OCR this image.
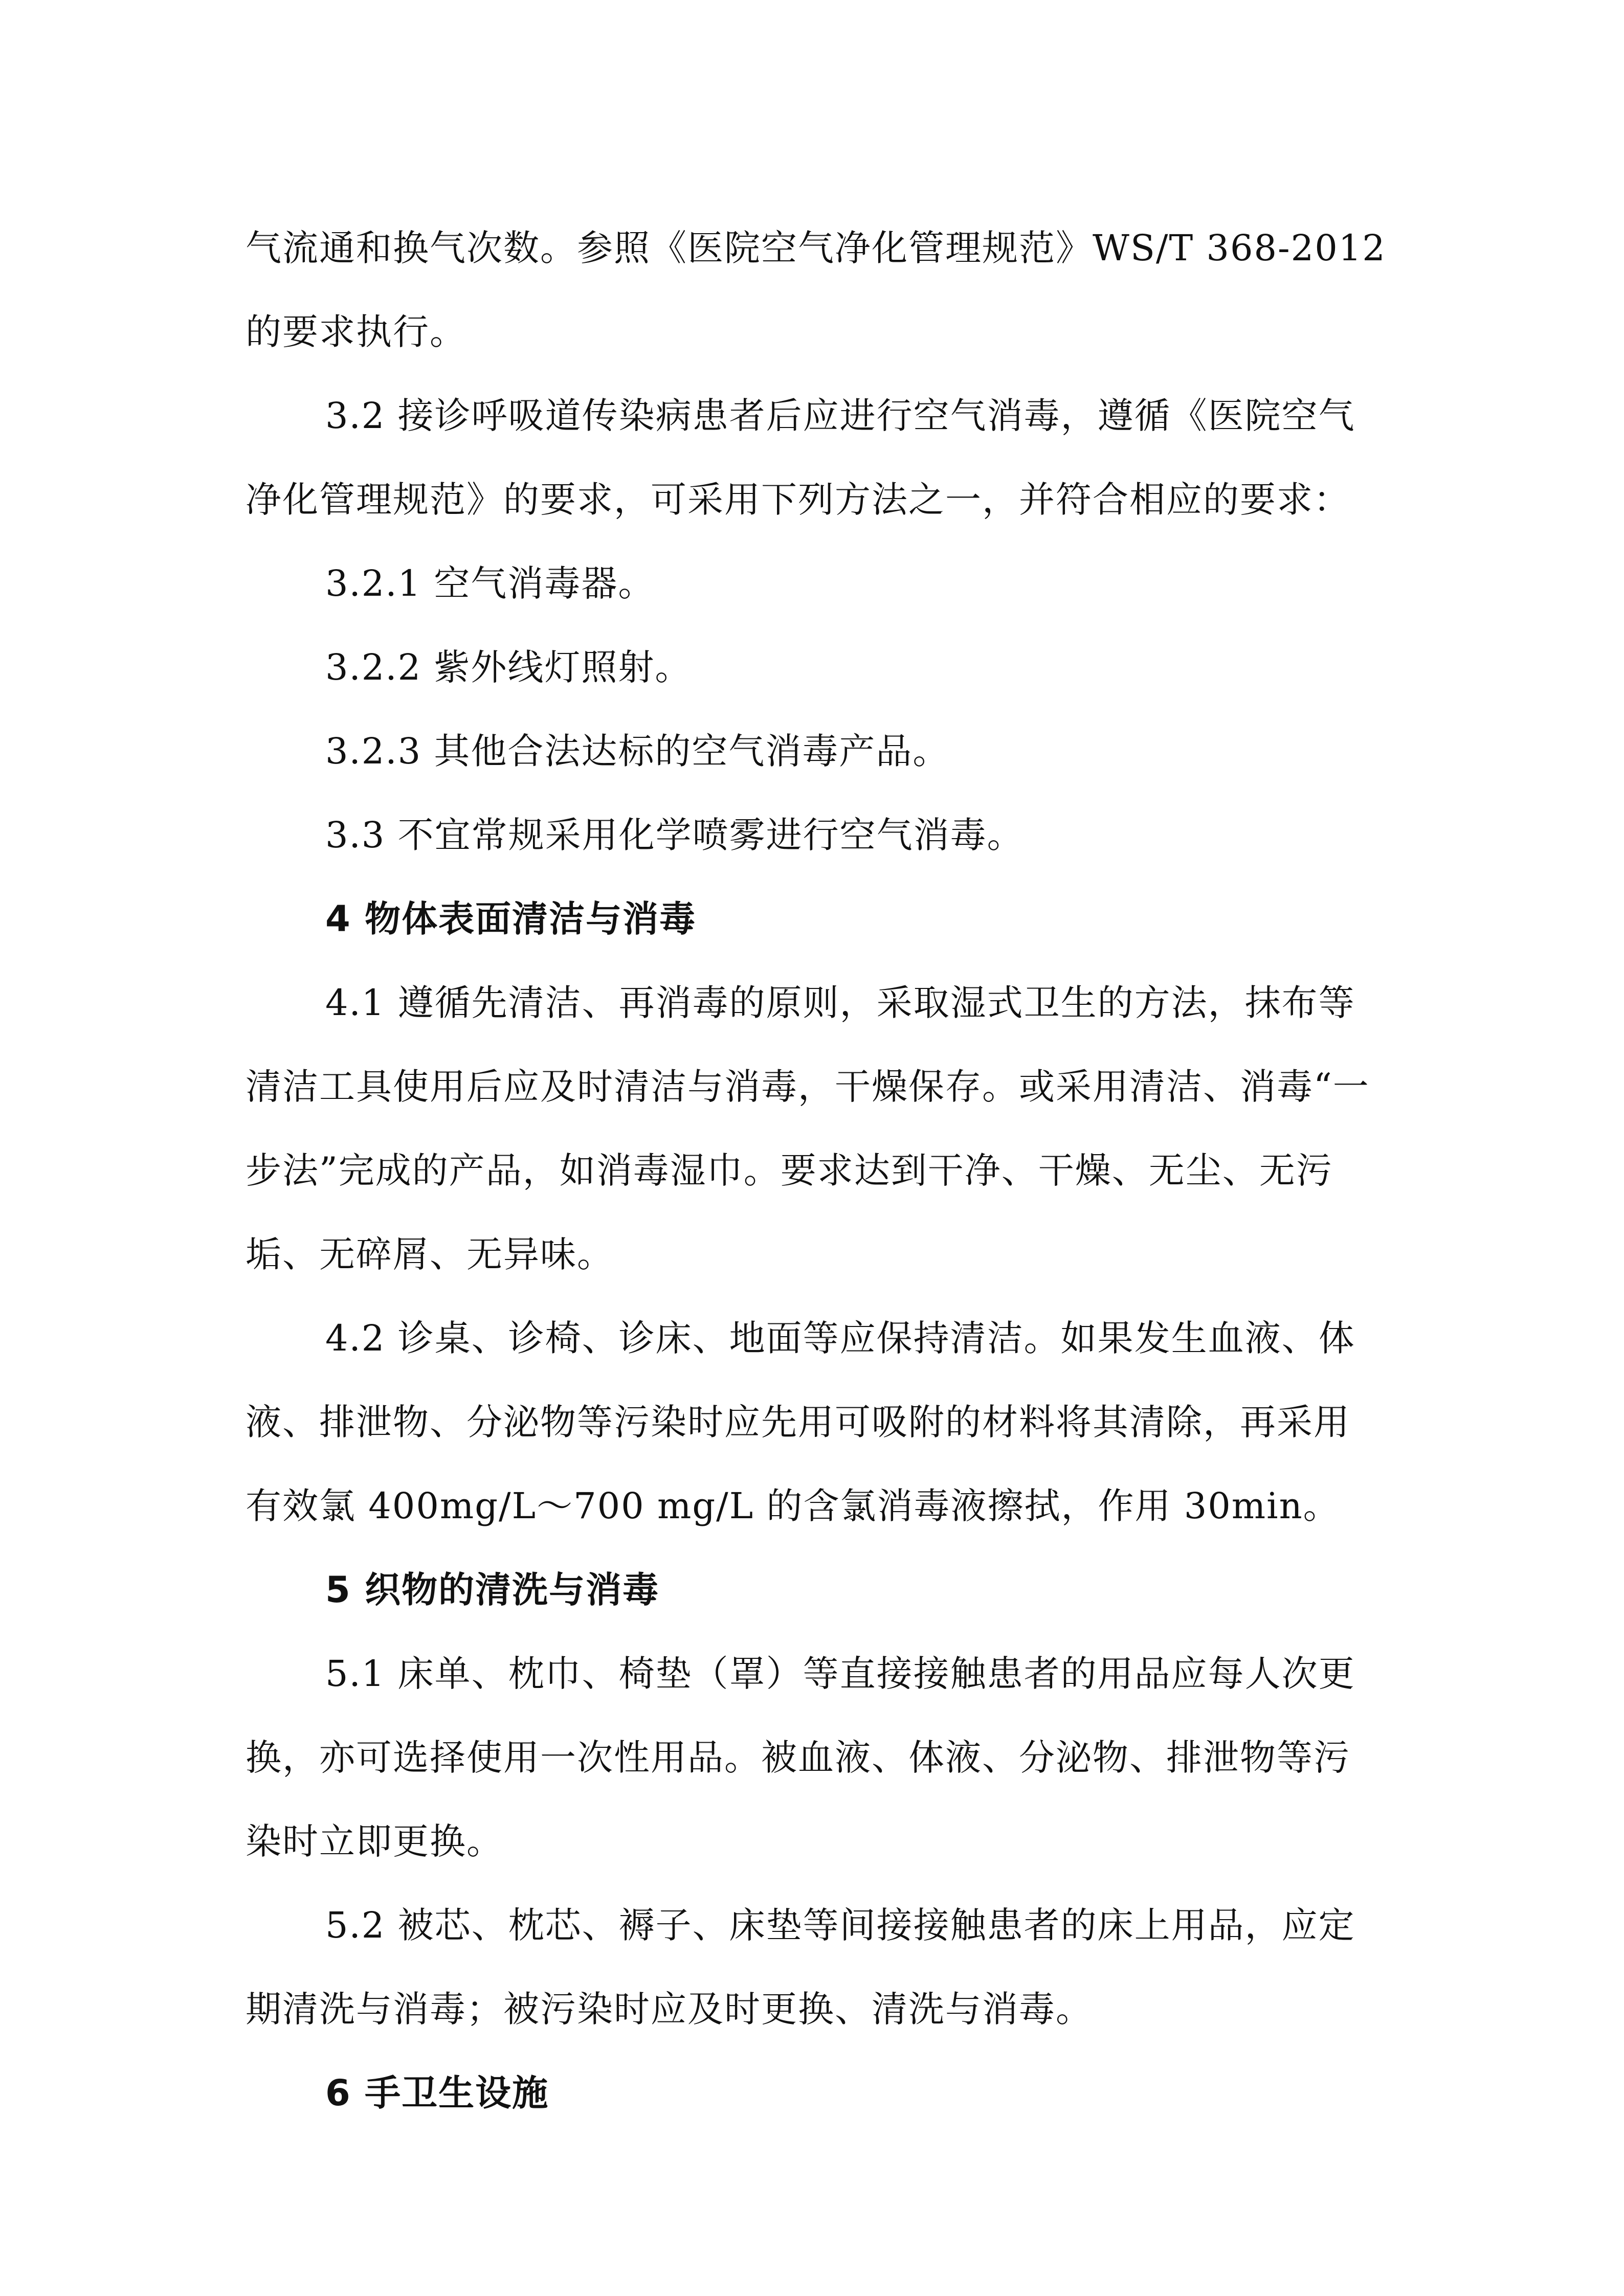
气流通和换气次数。参照《医院空气净化管理规范》WS/T 368-2012
的要求执行。
3.2 接诊呼吸道传染病患者后应进行空气消毒，遵循《医院空气
净化管理规范》的要求，可采用下列方法之一，并符合相应的要求：
3.2.1 空气消毒器。
3.2.2 紫外线灯照射。
3.2.3 其他合法达标的空气消毒产品。
3.3 不宜常规采用化学喷雾进行空气消毒。
4 物体表面清洁与消毒
4.1 遵循先清洁、再消毒的原则，采取湿式卫生的方法，抹布等
清洁工具使用后应及时清洁与消毒，干燥保存。或采用清洁、消毒“一
步法”完成的产品，如消毒湿巾。要求达到干净、干燥、无尘、无污
垢、无碎屑、无异味。
4.2 诊桌、诊椅、诊床、地面等应保持清洁。如果发生血液、体
液、排泄物、分泌物等污染时应先用可吸附的材料将其清除，再采用
有效氯 400mg/L～700 mg/L 的含氯消毒液擦拭，作用 30min。
5 织物的清洗与消毒
5.1 床单、枕巾、椅垫（罩）等直接接触患者的用品应每人次更
换，亦可选择使用一次性用品。被血液、体液、分泌物、排泄物等污
染时立即更换。
5.2 被芯、枕芯、褥子、床垫等间接接触患者的床上用品，应定
期清洗与消毒；被污染时应及时更换、清洗与消毒。
6 手卫生设施
